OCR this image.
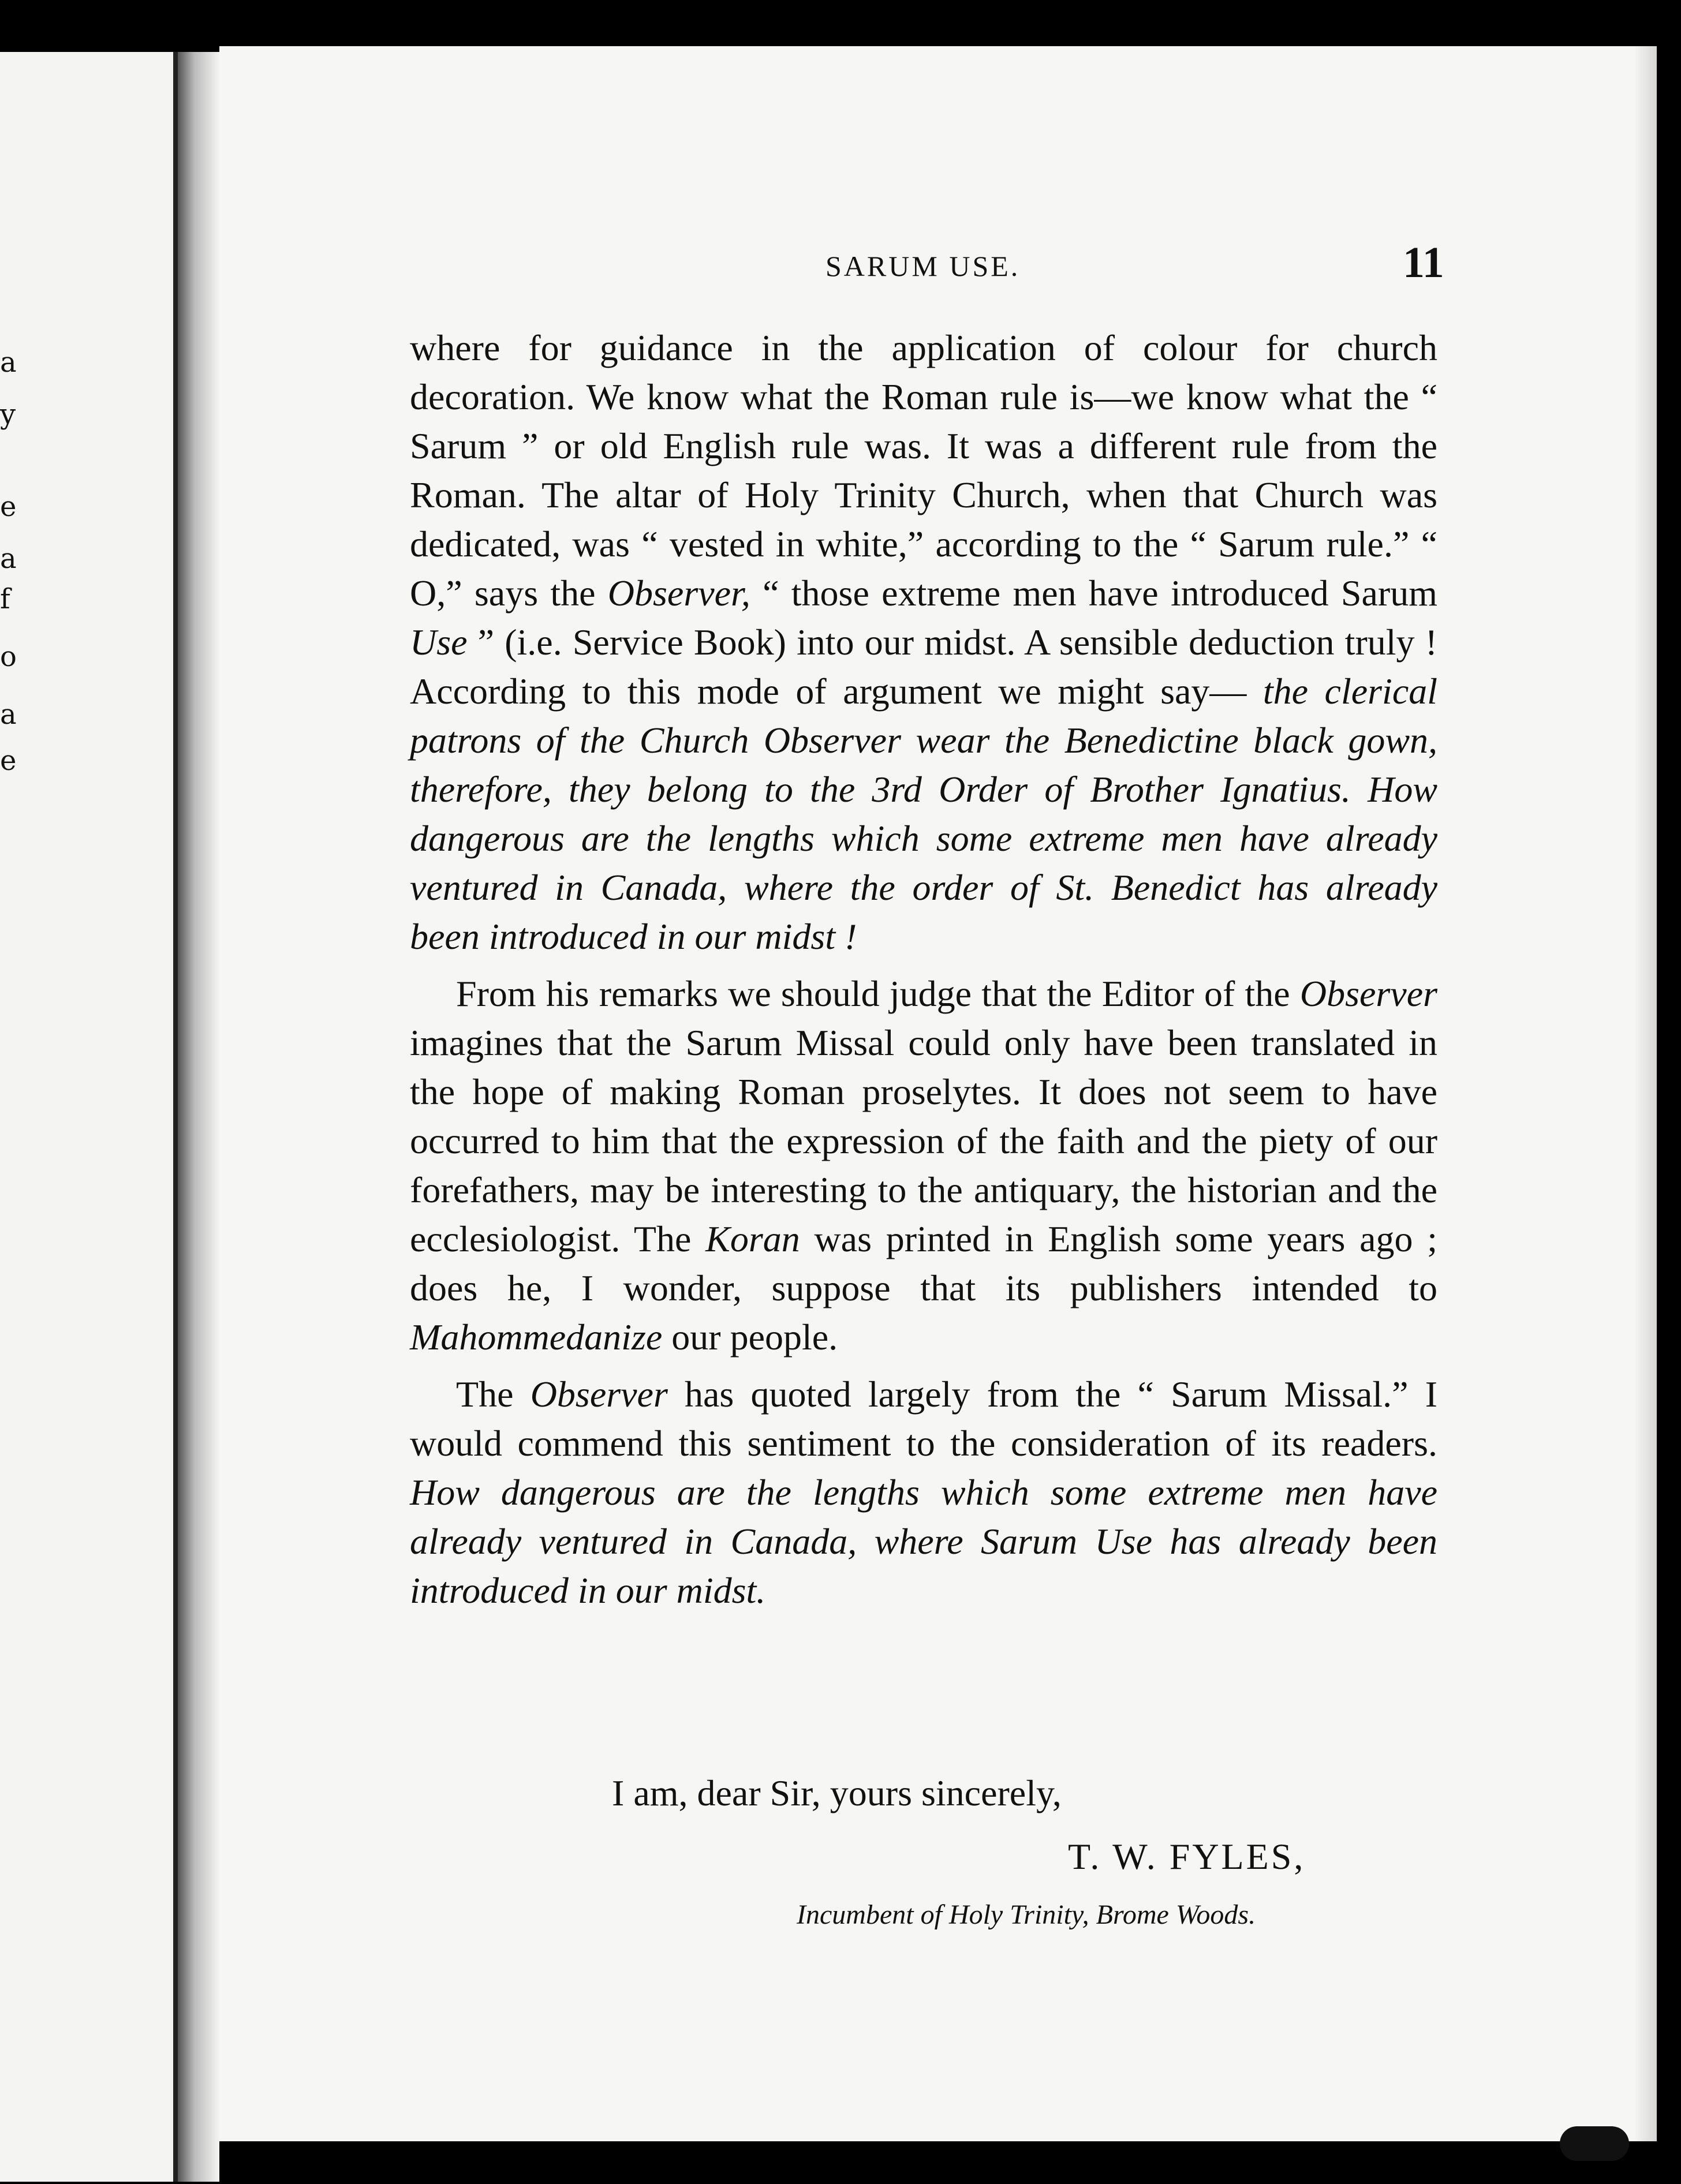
a
y
e
a
f
o
a
e
SARUM USE.	11

where for guidance in the application of colour for church decoration. We know what the Roman rule is—we know what the “ Sarum ” or old English rule was. It was a different rule from the Roman. The altar of Holy Trinity Church, when that Church was dedicated, was “ vested in white,” according to the “ Sarum rule.” “ O,” says the Observer, “ those extreme men have introduced Sarum Use ” (i.e. Service Book) into our midst. A sensible deduction truly ! According to this mode of argument we might say— the clerical patrons of the Church Observer wear the Benedictine black gown, therefore, they belong to the 3rd Order of Brother Ignatius. How dangerous are the lengths which some extreme men have already ventured in Canada, where the order of St. Benedict has already been introduced in our midst !

From his remarks we should judge that the Editor of the Observer imagines that the Sarum Missal could only have been translated in the hope of making Roman proselytes. It does not seem to have occurred to him that the expression of the faith and the piety of our forefathers, may be interesting to the antiquary, the historian and the ecclesiologist. The Koran was printed in English some years ago ; does he, I wonder, suppose that its publishers intended to Mahommedanize our people.

The Observer has quoted largely from the “ Sarum Missal.” I would commend this sentiment to the consideration of its readers. How dangerous are the lengths which some extreme men have already ventured in Canada, where Sarum Use has already been introduced in our midst.

I am, dear Sir, yours sincerely,
T. W. FYLES,
Incumbent of Holy Trinity, Brome Woods.
